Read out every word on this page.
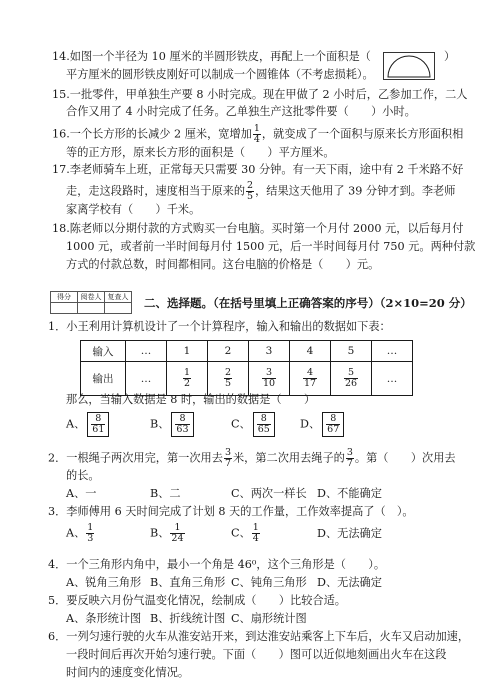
14.如图一个半径为 10 厘米的半圆形铁皮，再配上一个面积是（	）
平方厘米的圆形铁皮刚好可以制成一个圆锥体（不考虑损耗）。
15.一批零件，甲单独生产要 8 小时完成。现在甲做了 2 小时后，乙参加工作，二人
合作又用了 4 小时完成了任务。乙单独生产这批零件要（　　）小时。
16.一个长方形的长减少 2 厘米，宽增加 $\frac{1}{4}$ ，就变成了一个面积与原来长方形面积相
等的正方形，原来长方形的面积是（　　）平方厘米。
17.李老师骑车上班，正常每天只需要 30 分钟。有一天下雨，途中有 2 千米路不好
走，走这段路时，速度相当于原来的 $\frac{2}{5}$ ，结果这天他用了 39 分钟才到。李老师
家离学校有（　　）千米。
18.陈老师以分期付款的方式购买一台电脑。买时第一个月付 2000 元，以后每月付
1000 元，或者前一半时间每月付 1500 元，后一半时间每月付 750 元。两种付款
方式的付款总数，时间都相同。这台电脑的价格是（　　）元。
得分	阅卷人	复查人
		二、选择题。（在括号里填上正确答案的序号）（2×10=20 分）
1．小王利用计算机设计了一个计算程序，输入和输出的数据如下表：
输入	…	1	2	3	4	5	…
输出	…	$\frac{1}{2}$	$\frac{2}{5}$	$\frac{3}{10}$	$\frac{4}{17}$	$\frac{5}{26}$	…
那么，当输入数据是 8 时，输出的数据是（　　）
A、 $\frac{8}{61}$	B、 $\frac{8}{63}$	C、 $\frac{8}{65}$	D、 $\frac{8}{67}$
2．一根绳子两次用完，第一次用去 $\frac{3}{7}$ 米，第二次用去绳子的 $\frac{3}{7}$ 。第（　　）次用去
的长。
A、一	B、二	C、两次一样长 D、不能确定
3．李师傅用 6 天时间完成了计划 8 天的工作量，工作效率提高了（　）。
A、 $\frac{1}{3}$	B、 $\frac{1}{24}$	C、 $\frac{1}{4}$	D、无法确定
4．一个三角形内角中，最小一个角是 46⁰，这个三角形是（　　）。
A、锐角三角形 B、直角三角形 C、钝角三角形 D、无法确定
5．要反映六月份气温变化情况，绘制成（　　）比较合适。
A、条形统计图 B、折线统计图 C、扇形统计图
6．一列匀速行驶的火车从淮安站开来，到达淮安站乘客上下车后，火车又启动加速，
一段时间后再次开始匀速行驶。下面（　　）图可以近似地刻画出火车在这段
时间内的速度变化情况。
